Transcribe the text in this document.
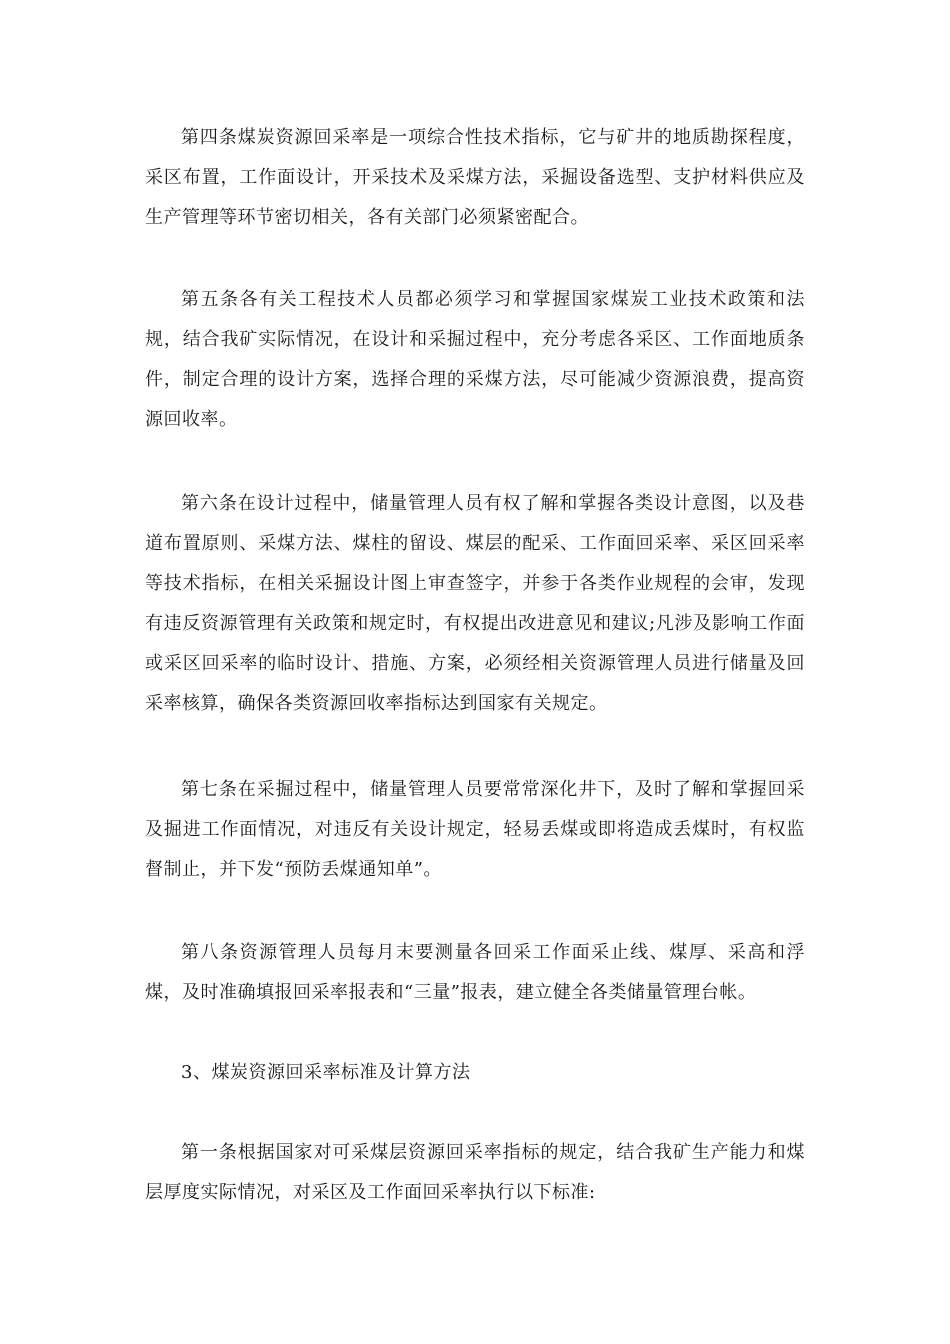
第四条煤炭资源回采率是一项综合性技术指标，它与矿井的地质勘探程度，采区布置，工作面设计，开采技术及采煤方法，采掘设备选型、支护材料供应及生产管理等环节密切相关，各有关部门必须紧密配合。

第五条各有关工程技术人员都必须学习和掌握国家煤炭工业技术政策和法规，结合我矿实际情况，在设计和采掘过程中，充分考虑各采区、工作面地质条件，制定合理的设计方案，选择合理的采煤方法，尽可能减少资源浪费，提高资源回收率。

第六条在设计过程中，储量管理人员有权了解和掌握各类设计意图，以及巷道布置原则、采煤方法、煤柱的留设、煤层的配采、工作面回采率、采区回采率等技术指标，在相关采掘设计图上审查签字，并参于各类作业规程的会审，发现有违反资源管理有关政策和规定时，有权提出改进意见和建议;凡涉及影响工作面或采区回采率的临时设计、措施、方案，必须经相关资源管理人员进行储量及回采率核算，确保各类资源回收率指标达到国家有关规定。

第七条在采掘过程中，储量管理人员要常常深化井下，及时了解和掌握回采及掘进工作面情况，对违反有关设计规定，轻易丢煤或即将造成丢煤时，有权监督制止，并下发“预防丢煤通知单”。

第八条资源管理人员每月末要测量各回采工作面采止线、煤厚、采高和浮煤，及时准确填报回采率报表和“三量”报表，建立健全各类储量管理台帐。

3、煤炭资源回采率标准及计算方法

第一条根据国家对可采煤层资源回采率指标的规定，结合我矿生产能力和煤层厚度实际情况，对采区及工作面回采率执行以下标准:
